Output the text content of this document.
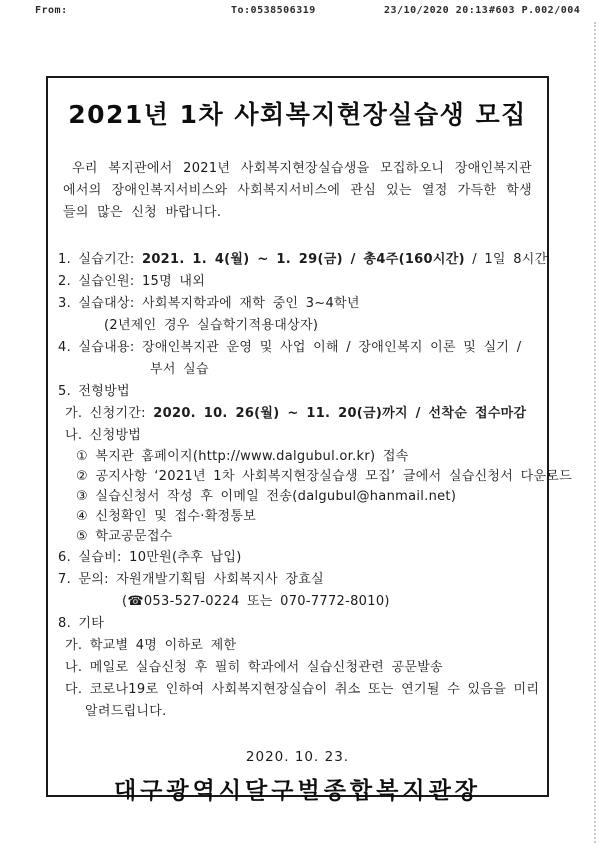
From:	To:0538506319	23/10/2020 20:13 #603 P.002/004
2021년 1차 사회복지현장실습생 모집

우리 복지관에서 2021년 사회복지현장실습생을 모집하오니 장애인복지관에서의 장애인복지서비스와 사회복지서비스에 관심 있는 열정 가득한 학생들의 많은 신청 바랍니다.

1. 실습기간: 2021. 1. 4(월) ~ 1. 29(금) / 총4주(160시간) / 1일 8시간
2. 실습인원: 15명 내외
3. 실습대상: 사회복지학과에 재학 중인 3~4학년
(2년제인 경우 실습학기적용대상자)
4. 실습내용: 장애인복지관 운영 및 사업 이해 / 장애인복지 이론 및 실기 /
부서 실습
5. 전형방법
가. 신청기간: 2020. 10. 26(월) ~ 11. 20(금)까지 / 선착순 접수마감
나. 신청방법
① 복지관 홈페이지(http://www.dalgubul.or.kr) 접속
② 공지사항 ‘2021년 1차 사회복지현장실습생 모집’ 글에서 실습신청서 다운로드
③ 실습신청서 작성 후 이메일 전송(dalgubul@hanmail.net)
④ 신청확인 및 접수·확정통보
⑤ 학교공문접수
6. 실습비: 10만원(추후 납입)
7. 문의: 자원개발기획팀 사회복지사 장효실
(☎053-527-0224 또는 070-7772-8010)
8. 기타
가. 학교별 4명 이하로 제한
나. 메일로 실습신청 후 필히 학과에서 실습신청관련 공문발송
다. 코로나19로 인하여 사회복지현장실습이 취소 또는 연기될 수 있음을 미리
알려드립니다.
2020. 10. 23.
대구광역시달구벌종합복지관장
